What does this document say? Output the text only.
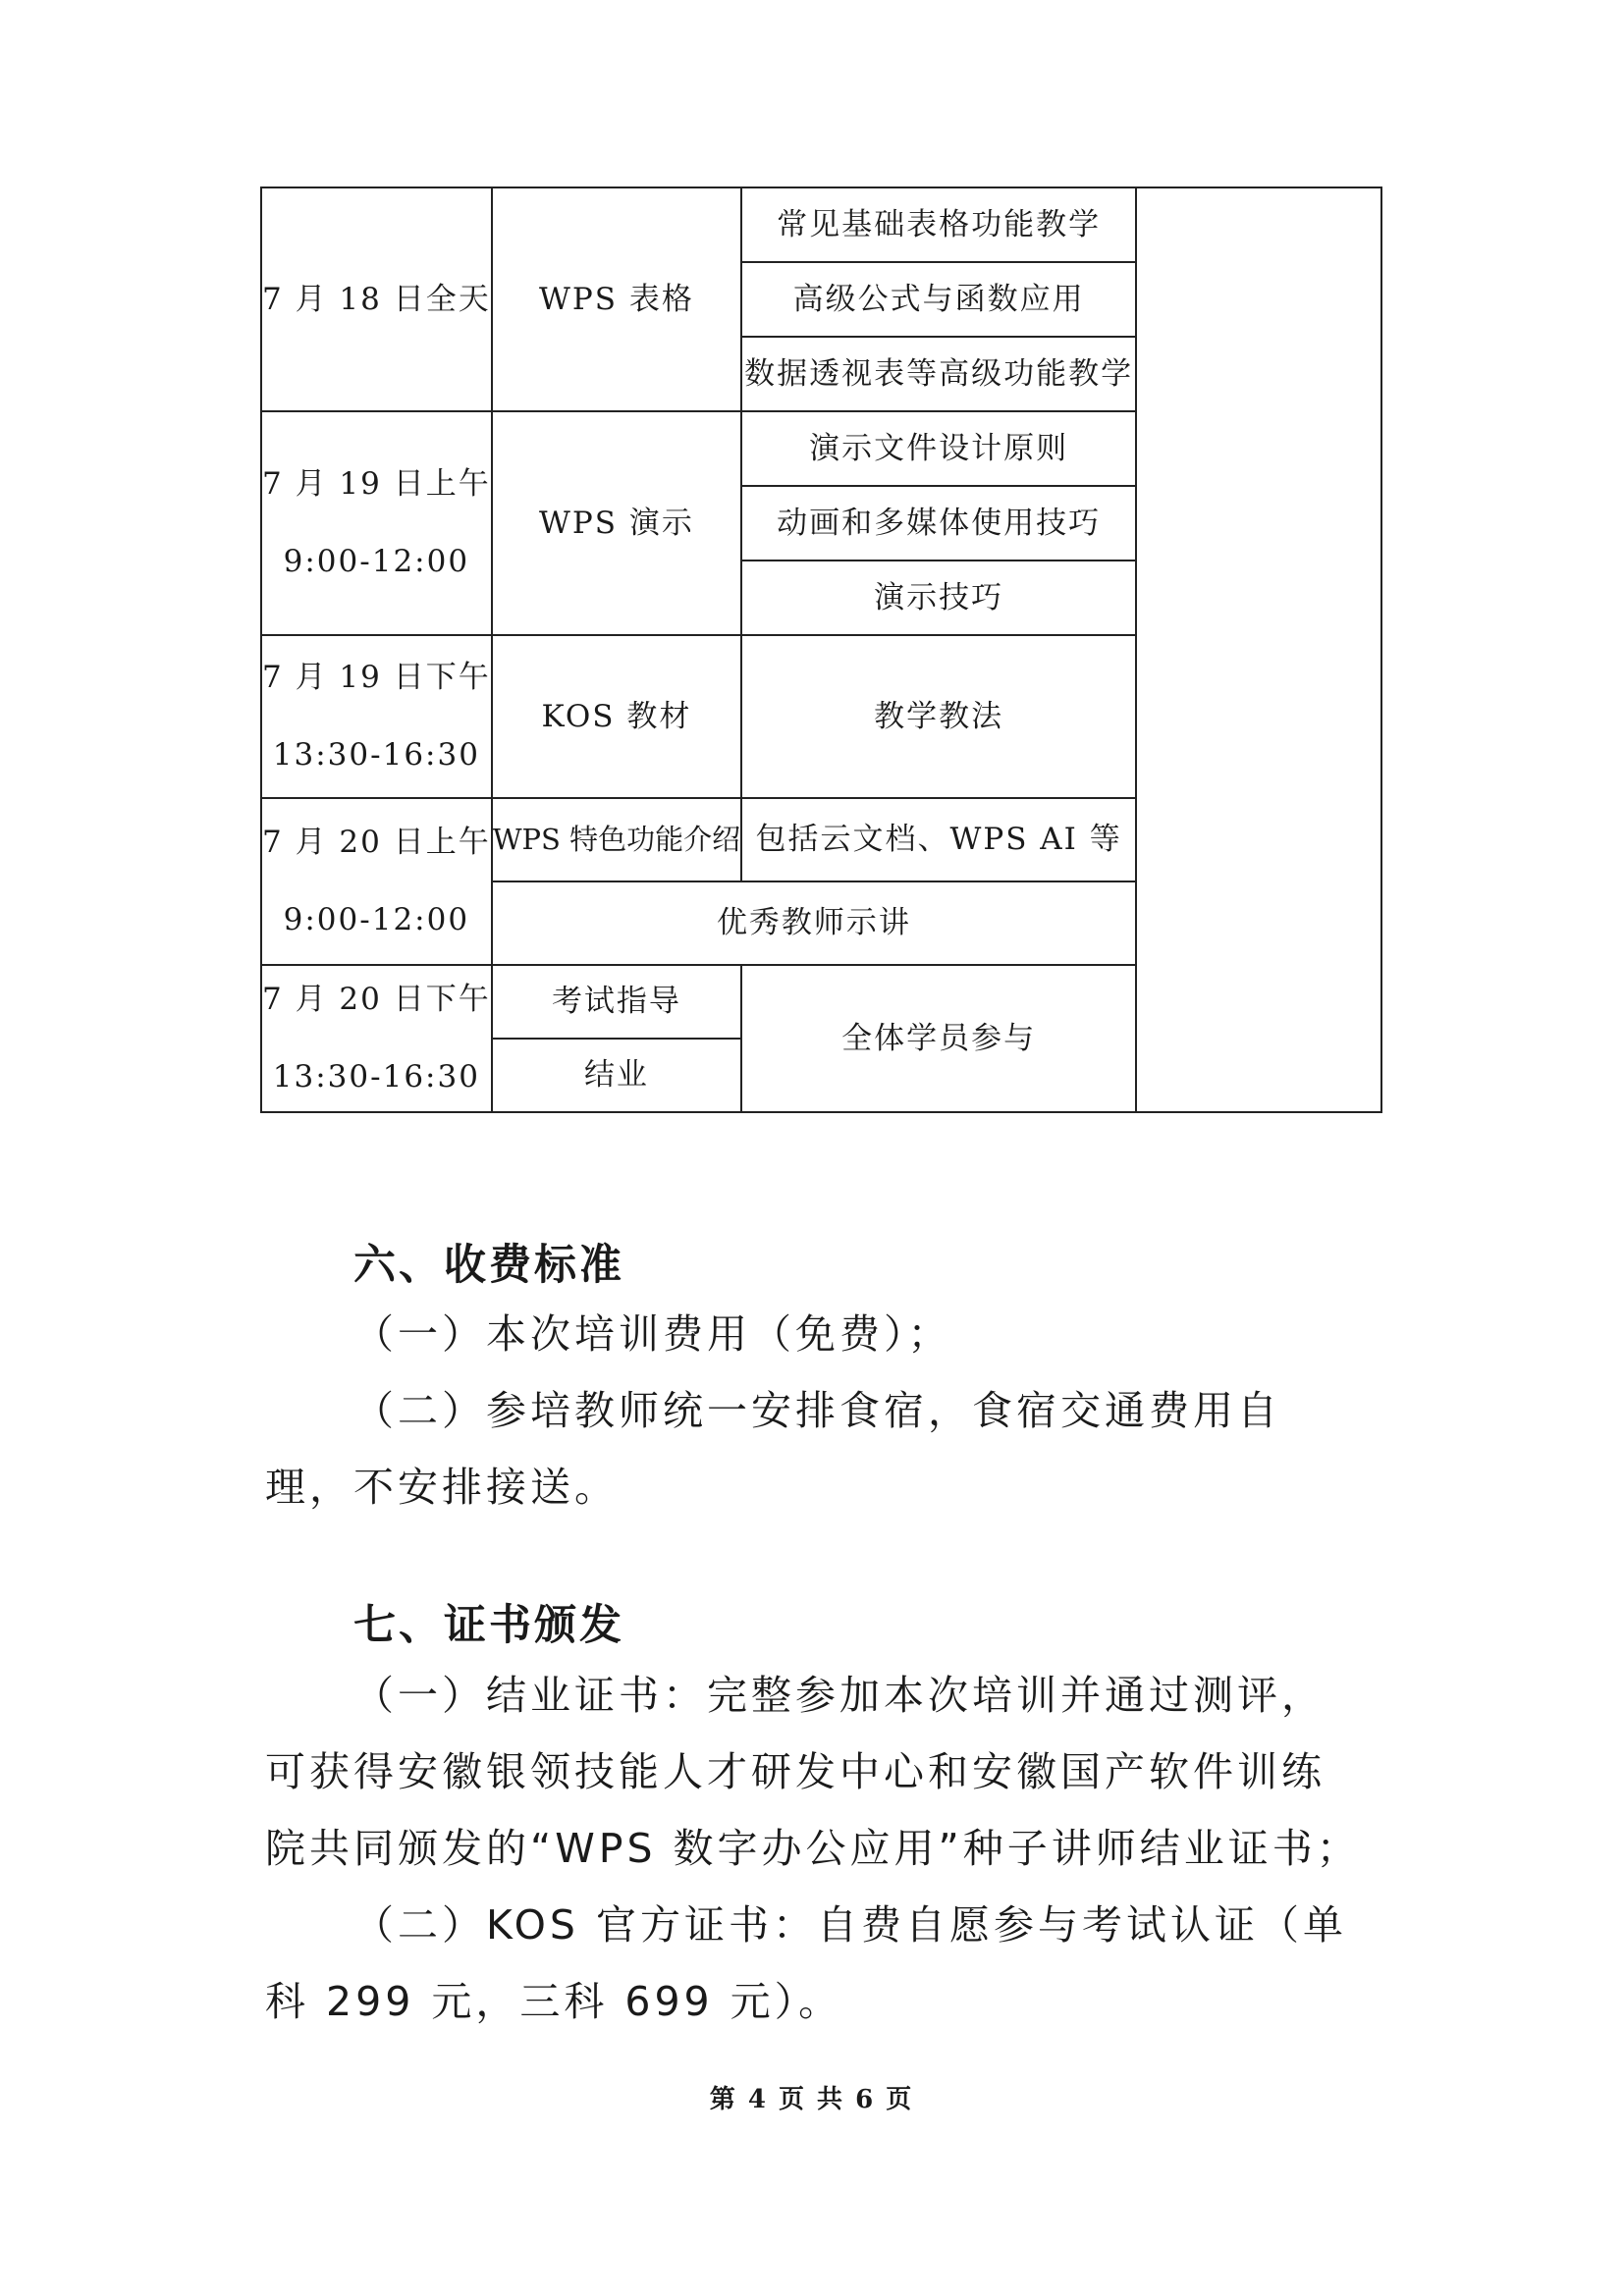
7 月 18 日全天	WPS 表格	常见基础表格功能教学	
		高级公式与函数应用	
		数据透视表等高级功能教学	

7 月 19 日上午
9:00-12:00	WPS 演示	演示文件设计原则	
		动画和多媒体使用技巧	
		演示技巧	

7 月 19 日下午
13:30-16:30	KOS 教材	教学教法	

7 月 20 日上午
9:00-12:00	WPS 特色功能介绍	包括云文档、WPS AI 等	
	优秀教师示讲		

7 月 20 日下午
13:30-16:30	考试指导	全体学员参与	
	结业		
六、收费标准
（一）本次培训费用（免费）；
（二）参培教师统一安排食宿，食宿交通费用自理，不安排接送。
七、证书颁发
（一）结业证书：完整参加本次培训并通过测评，可获得安徽银领技能人才研发中心和安徽国产软件训练院共同颁发的“WPS 数字办公应用”种子讲师结业证书；
（二）KOS 官方证书：自费自愿参与考试认证（单科 299 元，三科 699 元）。
第 4 页 共 6 页
